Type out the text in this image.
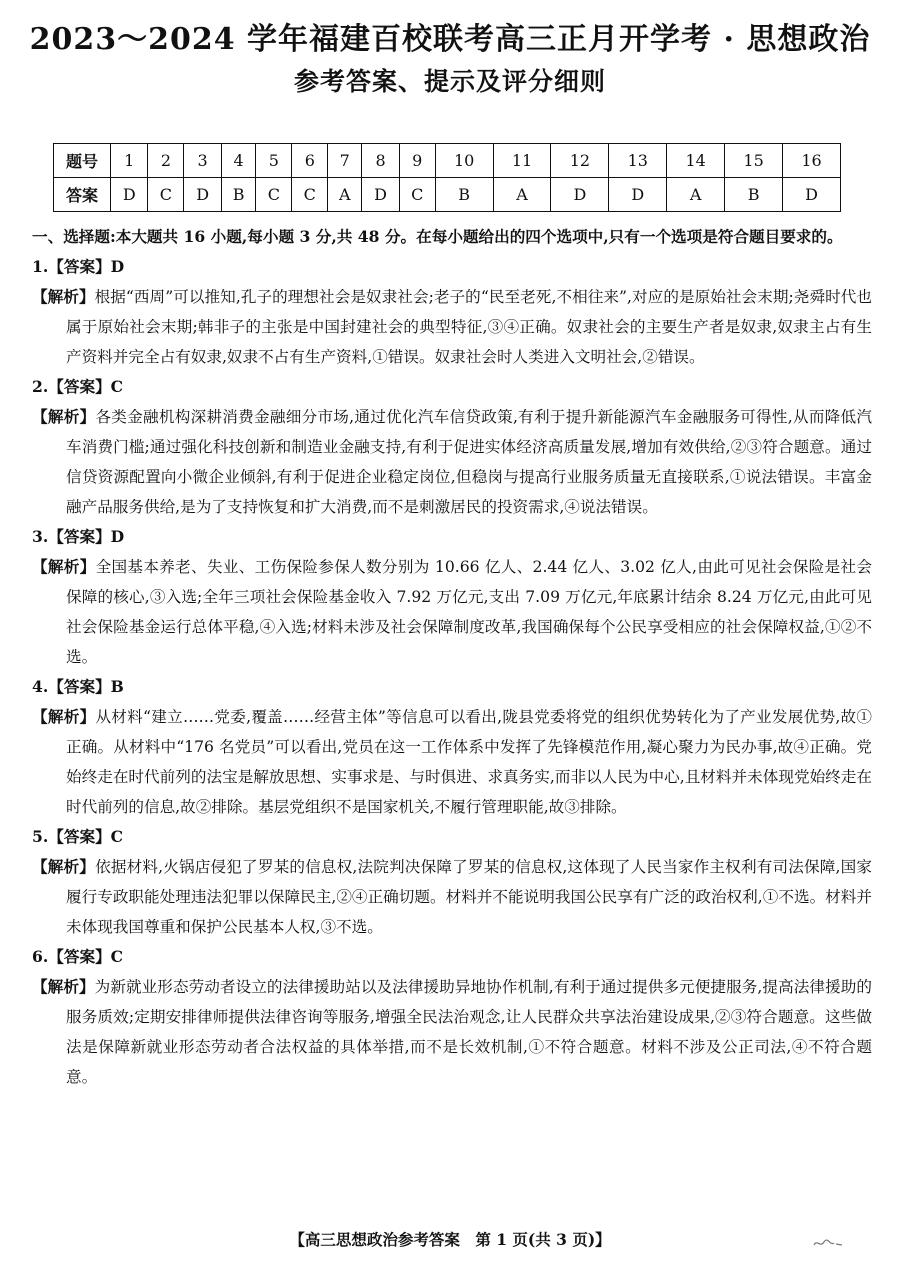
2023～2024 学年福建百校联考高三正月开学考 · 思想政治
参考答案、提示及评分细则
题号	1	2	3	4	5	6	7	8	9	10	11	12	13	14	15	16
答案	D	C	D	B	C	C	A	D	C	B	A	D	D	A	B	D

一、选择题:本大题共 16 小题,每小题 3 分,共 48 分。在每小题给出的四个选项中,只有一个选项是符合题目要求的。

1.【答案】D

【解析】根据“西周”可以推知,孔子的理想社会是奴隶社会;老子的“民至老死,不相往来”,对应的是原始社会末期;尧舜时代也属于原始社会末期;韩非子的主张是中国封建社会的典型特征,③④正确。奴隶社会的主要生产者是奴隶,奴隶主占有生产资料并完全占有奴隶,奴隶不占有生产资料,①错误。奴隶社会时人类进入文明社会,②错误。

2.【答案】C

【解析】各类金融机构深耕消费金融细分市场,通过优化汽车信贷政策,有利于提升新能源汽车金融服务可得性,从而降低汽车消费门槛;通过强化科技创新和制造业金融支持,有利于促进实体经济高质量发展,增加有效供给,②③符合题意。通过信贷资源配置向小微企业倾斜,有利于促进企业稳定岗位,但稳岗与提高行业服务质量无直接联系,①说法错误。丰富金融产品服务供给,是为了支持恢复和扩大消费,而不是刺激居民的投资需求,④说法错误。

3.【答案】D

【解析】全国基本养老、失业、工伤保险参保人数分别为 10.66 亿人、2.44 亿人、3.02 亿人,由此可见社会保险是社会保障的核心,③入选;全年三项社会保险基金收入 7.92 万亿元,支出 7.09 万亿元,年底累计结余 8.24 万亿元,由此可见社会保险基金运行总体平稳,④入选;材料未涉及社会保障制度改革,我国确保每个公民享受相应的社会保障权益,①②不选。

4.【答案】B

【解析】从材料“建立……党委,覆盖……经营主体”等信息可以看出,陇县党委将党的组织优势转化为了产业发展优势,故①正确。从材料中“176 名党员”可以看出,党员在这一工作体系中发挥了先锋模范作用,凝心聚力为民办事,故④正确。党始终走在时代前列的法宝是解放思想、实事求是、与时俱进、求真务实,而非以人民为中心,且材料并未体现党始终走在时代前列的信息,故②排除。基层党组织不是国家机关,不履行管理职能,故③排除。

5.【答案】C

【解析】依据材料,火锅店侵犯了罗某的信息权,法院判决保障了罗某的信息权,这体现了人民当家作主权利有司法保障,国家履行专政职能处理违法犯罪以保障民主,②④正确切题。材料并不能说明我国公民享有广泛的政治权利,①不选。材料并未体现我国尊重和保护公民基本人权,③不选。

6.【答案】C

【解析】为新就业形态劳动者设立的法律援助站以及法律援助异地协作机制,有利于通过提供多元便捷服务,提高法律援助的服务质效;定期安排律师提供法律咨询等服务,增强全民法治观念,让人民群众共享法治建设成果,②③符合题意。这些做法是保障新就业形态劳动者合法权益的具体举措,而不是长效机制,①不符合题意。材料不涉及公正司法,④不符合题意。

【高三思想政治参考答案　第 1 页(共 3 页)】
